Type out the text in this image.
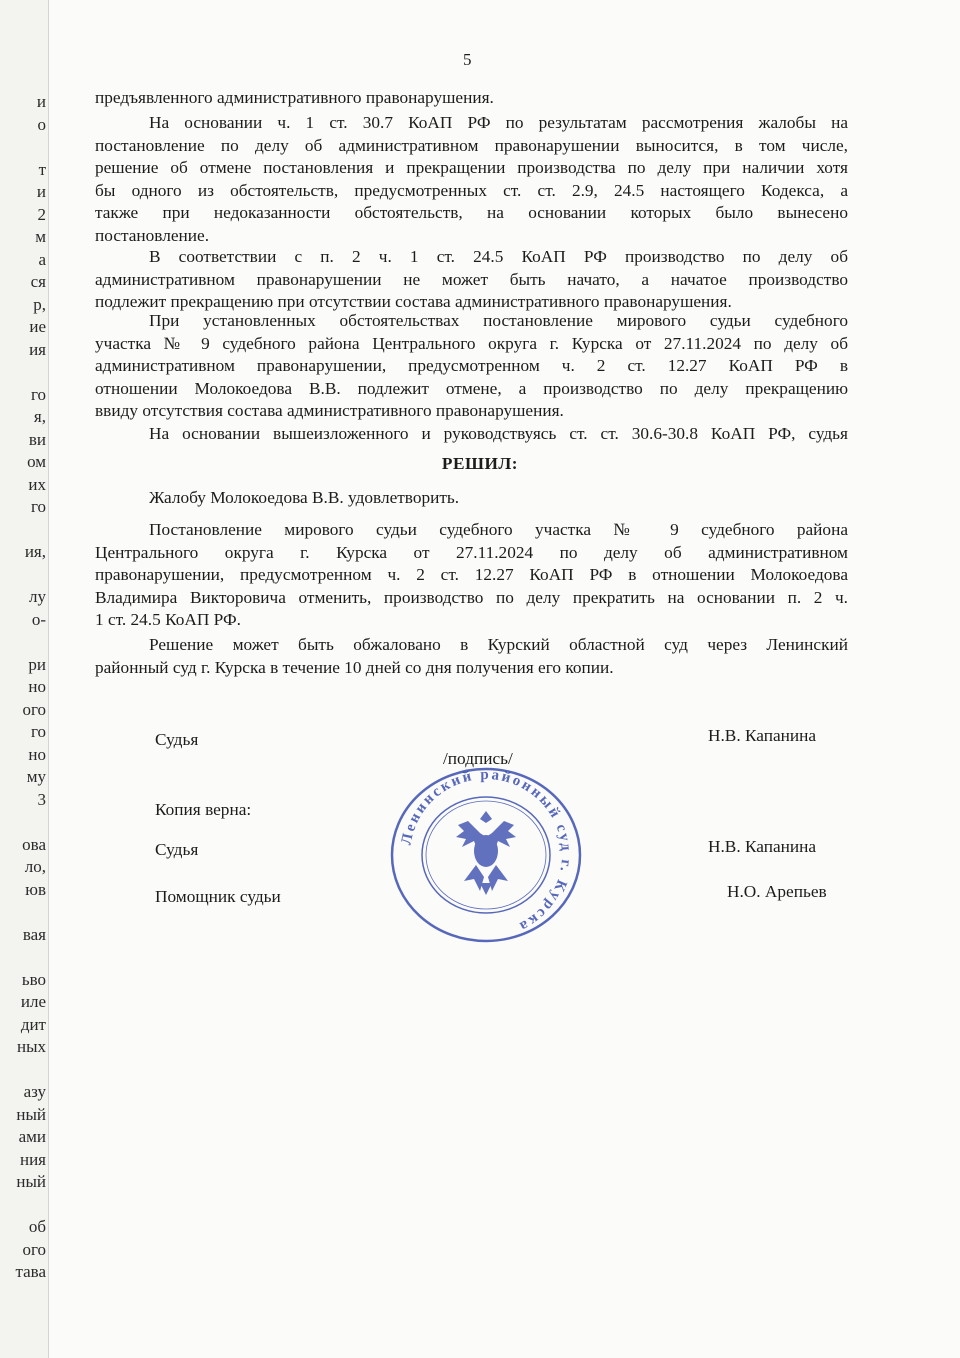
и
о
т
и
2
м
а
ся
р,
ие
ия
го
я,
ви
ом
их
го
ия,
лу
о-
ри
но
ого
го
но
му
3
ова
ло,
юв
вая
ьво
иле
дит
ных
азу
ный
ами
ния
ный
об
ого
тава
5

предъявленного административного правонарушения.

На основании ч. 1 ст. 30.7 КоАП РФ по результатам рассмотрения жалобы на
постановление по делу об административном правонарушении выносится, в том числе,
решение об отмене постановления и прекращении производства по делу при наличии хотя
бы одного из обстоятельств, предусмотренных ст. ст. 2.9, 24.5 настоящего Кодекса, а
также при недоказанности обстоятельств, на основании которых было вынесено
постановление.

В соответствии с п. 2 ч. 1 ст. 24.5 КоАП РФ производство по делу об
административном правонарушении не может быть начато, а начатое производство
подлежит прекращению при отсутствии состава административного правонарушения.

При установленных обстоятельствах постановление мирового судьи судебного
участка № 9 судебного района Центрального округа г. Курска от 27.11.2024 по делу об
административном правонарушении, предусмотренном ч. 2 ст. 12.27 КоАП РФ в
отношении Молокоедова В.В. подлежит отмене, а производство по делу прекращению
ввиду отсутствия состава административного правонарушения.

На основании вышеизложенного и руководствуясь ст. ст. 30.6-30.8 КоАП РФ, судья

РЕШИЛ:

Жалобу Молокоедова В.В. удовлетворить.

Постановление мирового судьи судебного участка № 9 судебного района
Центрального округа г. Курска от 27.11.2024 по делу об административном
правонарушении, предусмотренном ч. 2 ст. 12.27 КоАП РФ в отношении Молокоедова
Владимира Викторовича отменить, производство по делу прекратить на основании п. 2 ч.
1 ст. 24.5 КоАП РФ.

Решение может быть обжаловано в Курский областной суд через Ленинский
районный суд г. Курска в течение 10 дней со дня получения его копии.

Судья	Н.В. Капанина
/подпись/
Копия верна:
Судья	Н.В. Капанина
Помощник судьи	Н.О. Арепьев
Ленинский районный суд г. Курска
